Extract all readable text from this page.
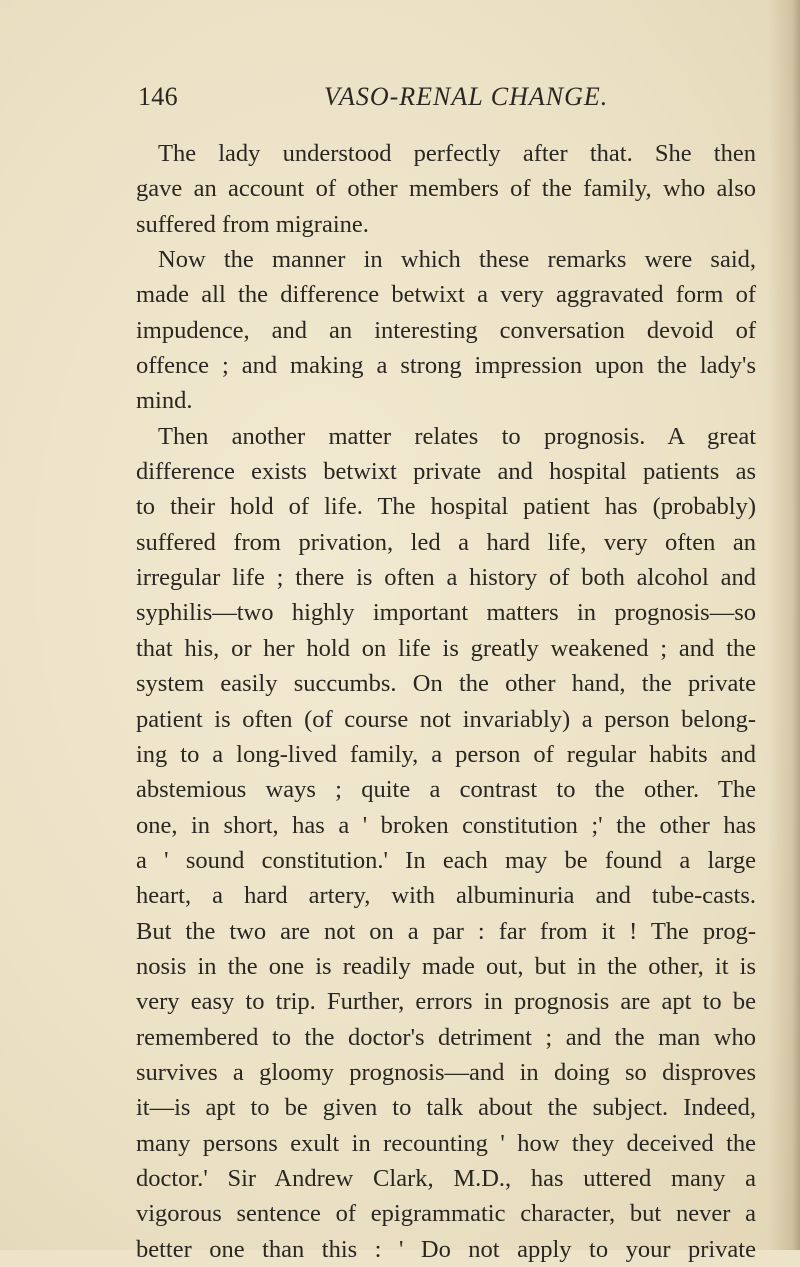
146	VASO-RENAL CHANGE.
The lady understood perfectly after that. She then
gave an account of other members of the family, who also
suffered from migraine.
Now the manner in which these remarks were said,
made all the difference betwixt a very aggravated form of
impudence, and an interesting conversation devoid of
offence ; and making a strong impression upon the lady's
mind.
Then another matter relates to prognosis. A great
difference exists betwixt private and hospital patients as
to their hold of life. The hospital patient has (probably)
suffered from privation, led a hard life, very often an
irregular life ; there is often a history of both alcohol and
syphilis—two highly important matters in prognosis—so
that his, or her hold on life is greatly weakened ; and the
system easily succumbs. On the other hand, the private
patient is often (of course not invariably) a person belong-
ing to a long-lived family, a person of regular habits and
abstemious ways ; quite a contrast to the other. The
one, in short, has a ' broken constitution ;' the other has
a ' sound constitution.' In each may be found a large
heart, a hard artery, with albuminuria and tube-casts.
But the two are not on a par : far from it ! The prog-
nosis in the one is readily made out, but in the other, it is
very easy to trip. Further, errors in prognosis are apt to be
remembered to the doctor's detriment ; and the man who
survives a gloomy prognosis—and in doing so disproves
it—is apt to be given to talk about the subject. Indeed,
many persons exult in recounting ' how they deceived the
doctor.' Sir Andrew Clark, M.D., has uttered many a
vigorous sentence of epigrammatic character, but never a
better one than this : ' Do not apply to your private
